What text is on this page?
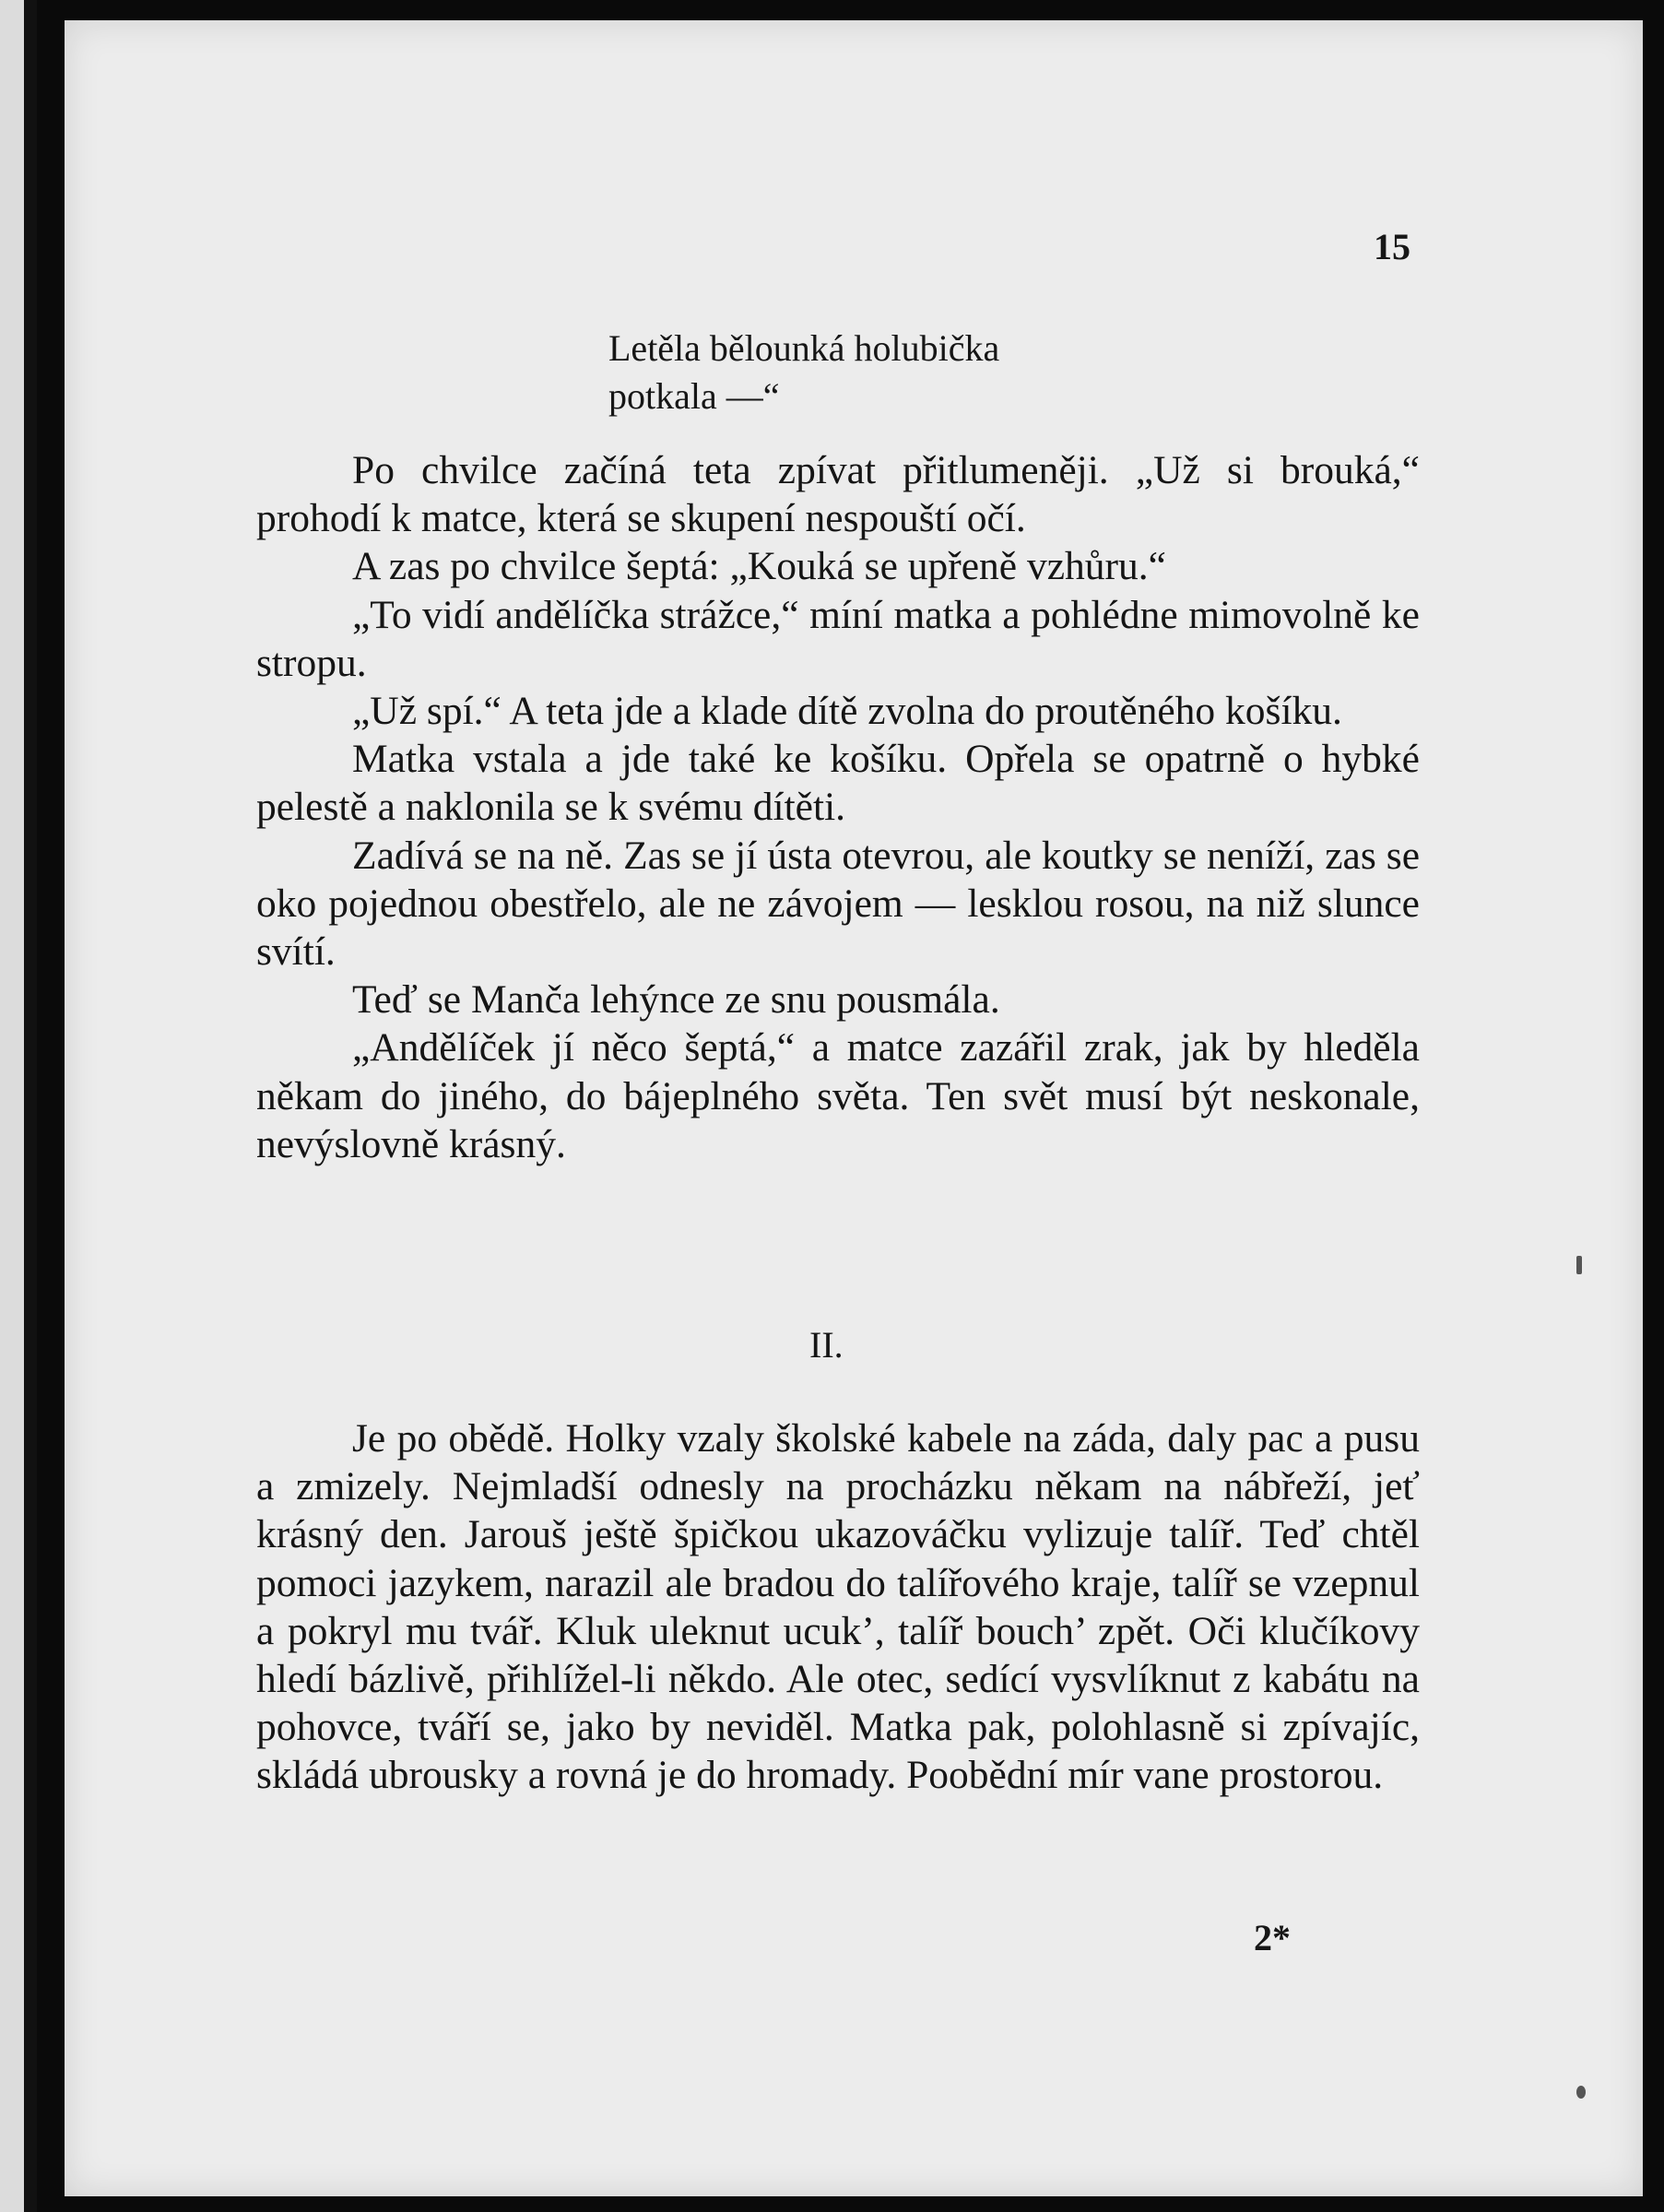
15
Letěla bělounká holubička
potkala —“

Po chvilce začíná teta zpívat přitlumeněji. „Už si brouká,“ prohodí k matce, která se skupení nespouští očí.

A zas po chvilce šeptá: „Kouká se upřeně vzhůru.“

„To vidí andělíčka strážce,“ míní matka a pohlédne mimovolně ke stropu.

„Už spí.“ A teta jde a klade dítě zvolna do proutěného košíku.

Matka vstala a jde také ke košíku. Opřela se opatrně o hybké pelestě a naklonila se k svému dítěti.

Zadívá se na ně. Zas se jí ústa otevrou, ale koutky se neníží, zas se oko pojednou obestřelo, ale ne závojem — lesklou rosou, na niž slunce svítí.

Teď se Manča lehýnce ze snu pousmála.

„Andělíček jí něco šeptá,“ a matce zazářil zrak, jak by hleděla někam do jiného, do bájeplného světa. Ten svět musí být neskonale, nevýslovně krásný.

II.

Je po obědě. Holky vzaly školské kabele na záda, daly pac a pusu a zmizely. Nejmladší odnesly na procházku někam na nábřeží, jeť krásný den. Jarouš ještě špičkou ukazováčku vylizuje talíř. Teď chtěl pomoci jazykem, narazil ale bradou do talířového kraje, talíř se vzepnul a pokryl mu tvář. Kluk uleknut ucuk’, talíř bouch’ zpět. Oči klučíkovy hledí bázlivě, přihlížel-li někdo. Ale otec, sedící vysvlíknut z kabátu na pohovce, tváří se, jako by neviděl. Matka pak, polohlasně si zpívajíc, skládá ubrousky a rovná je do hromady. Poobědní mír vane prostorou.

2*
